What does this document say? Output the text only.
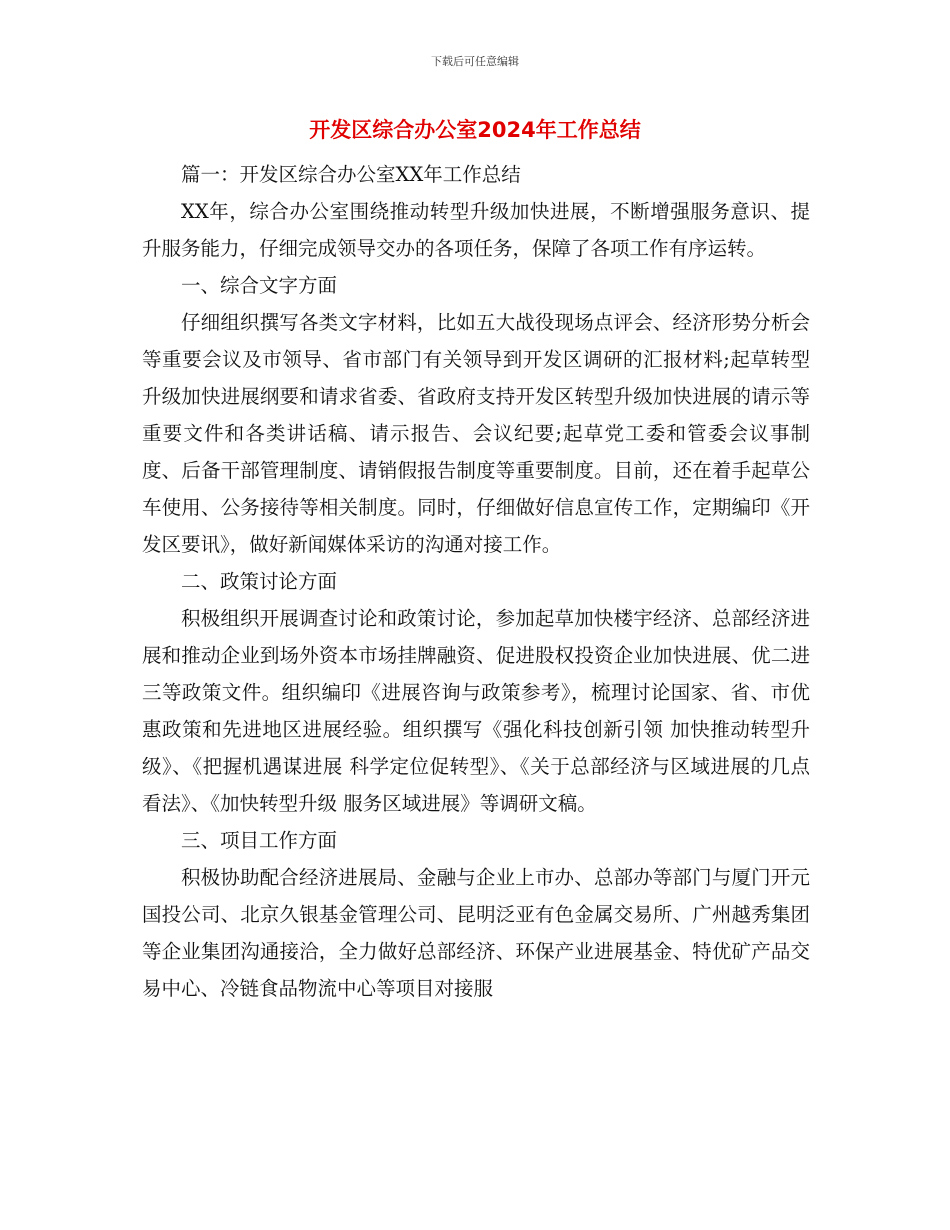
下载后可任意编辑
开发区综合办公室2024年工作总结

篇一：开发区综合办公室XX年工作总结

XX年，综合办公室围绕推动转型升级加快进展，不断增强服务意识、提升服务能力，仔细完成领导交办的各项任务，保障了各项工作有序运转。

一、综合文字方面

仔细组织撰写各类文字材料，比如五大战役现场点评会、经济形势分析会等重要会议及市领导、省市部门有关领导到开发区调研的汇报材料;起草转型升级加快进展纲要和请求省委、省政府支持开发区转型升级加快进展的请示等重要文件和各类讲话稿、请示报告、会议纪要;起草党工委和管委会议事制度、后备干部管理制度、请销假报告制度等重要制度。目前，还在着手起草公车使用、公务接待等相关制度。同时，仔细做好信息宣传工作，定期编印《开发区要讯》，做好新闻媒体采访的沟通对接工作。

二、政策讨论方面

积极组织开展调查讨论和政策讨论，参加起草加快楼宇经济、总部经济进展和推动企业到场外资本市场挂牌融资、促进股权投资企业加快进展、优二进三等政策文件。组织编印《进展咨询与政策参考》，梳理讨论国家、省、市优惠政策和先进地区进展经验。组织撰写《强化科技创新引领 加快推动转型升级》、《把握机遇谋进展 科学定位促转型》、《关于总部经济与区域进展的几点看法》、《加快转型升级 服务区域进展》等调研文稿。

三、项目工作方面

积极协助配合经济进展局、金融与企业上市办、总部办等部门与厦门开元国投公司、北京久银基金管理公司、昆明泛亚有色金属交易所、广州越秀集团等企业集团沟通接洽，全力做好总部经济、环保产业进展基金、特优矿产品交易中心、冷链食品物流中心等项目对接服
